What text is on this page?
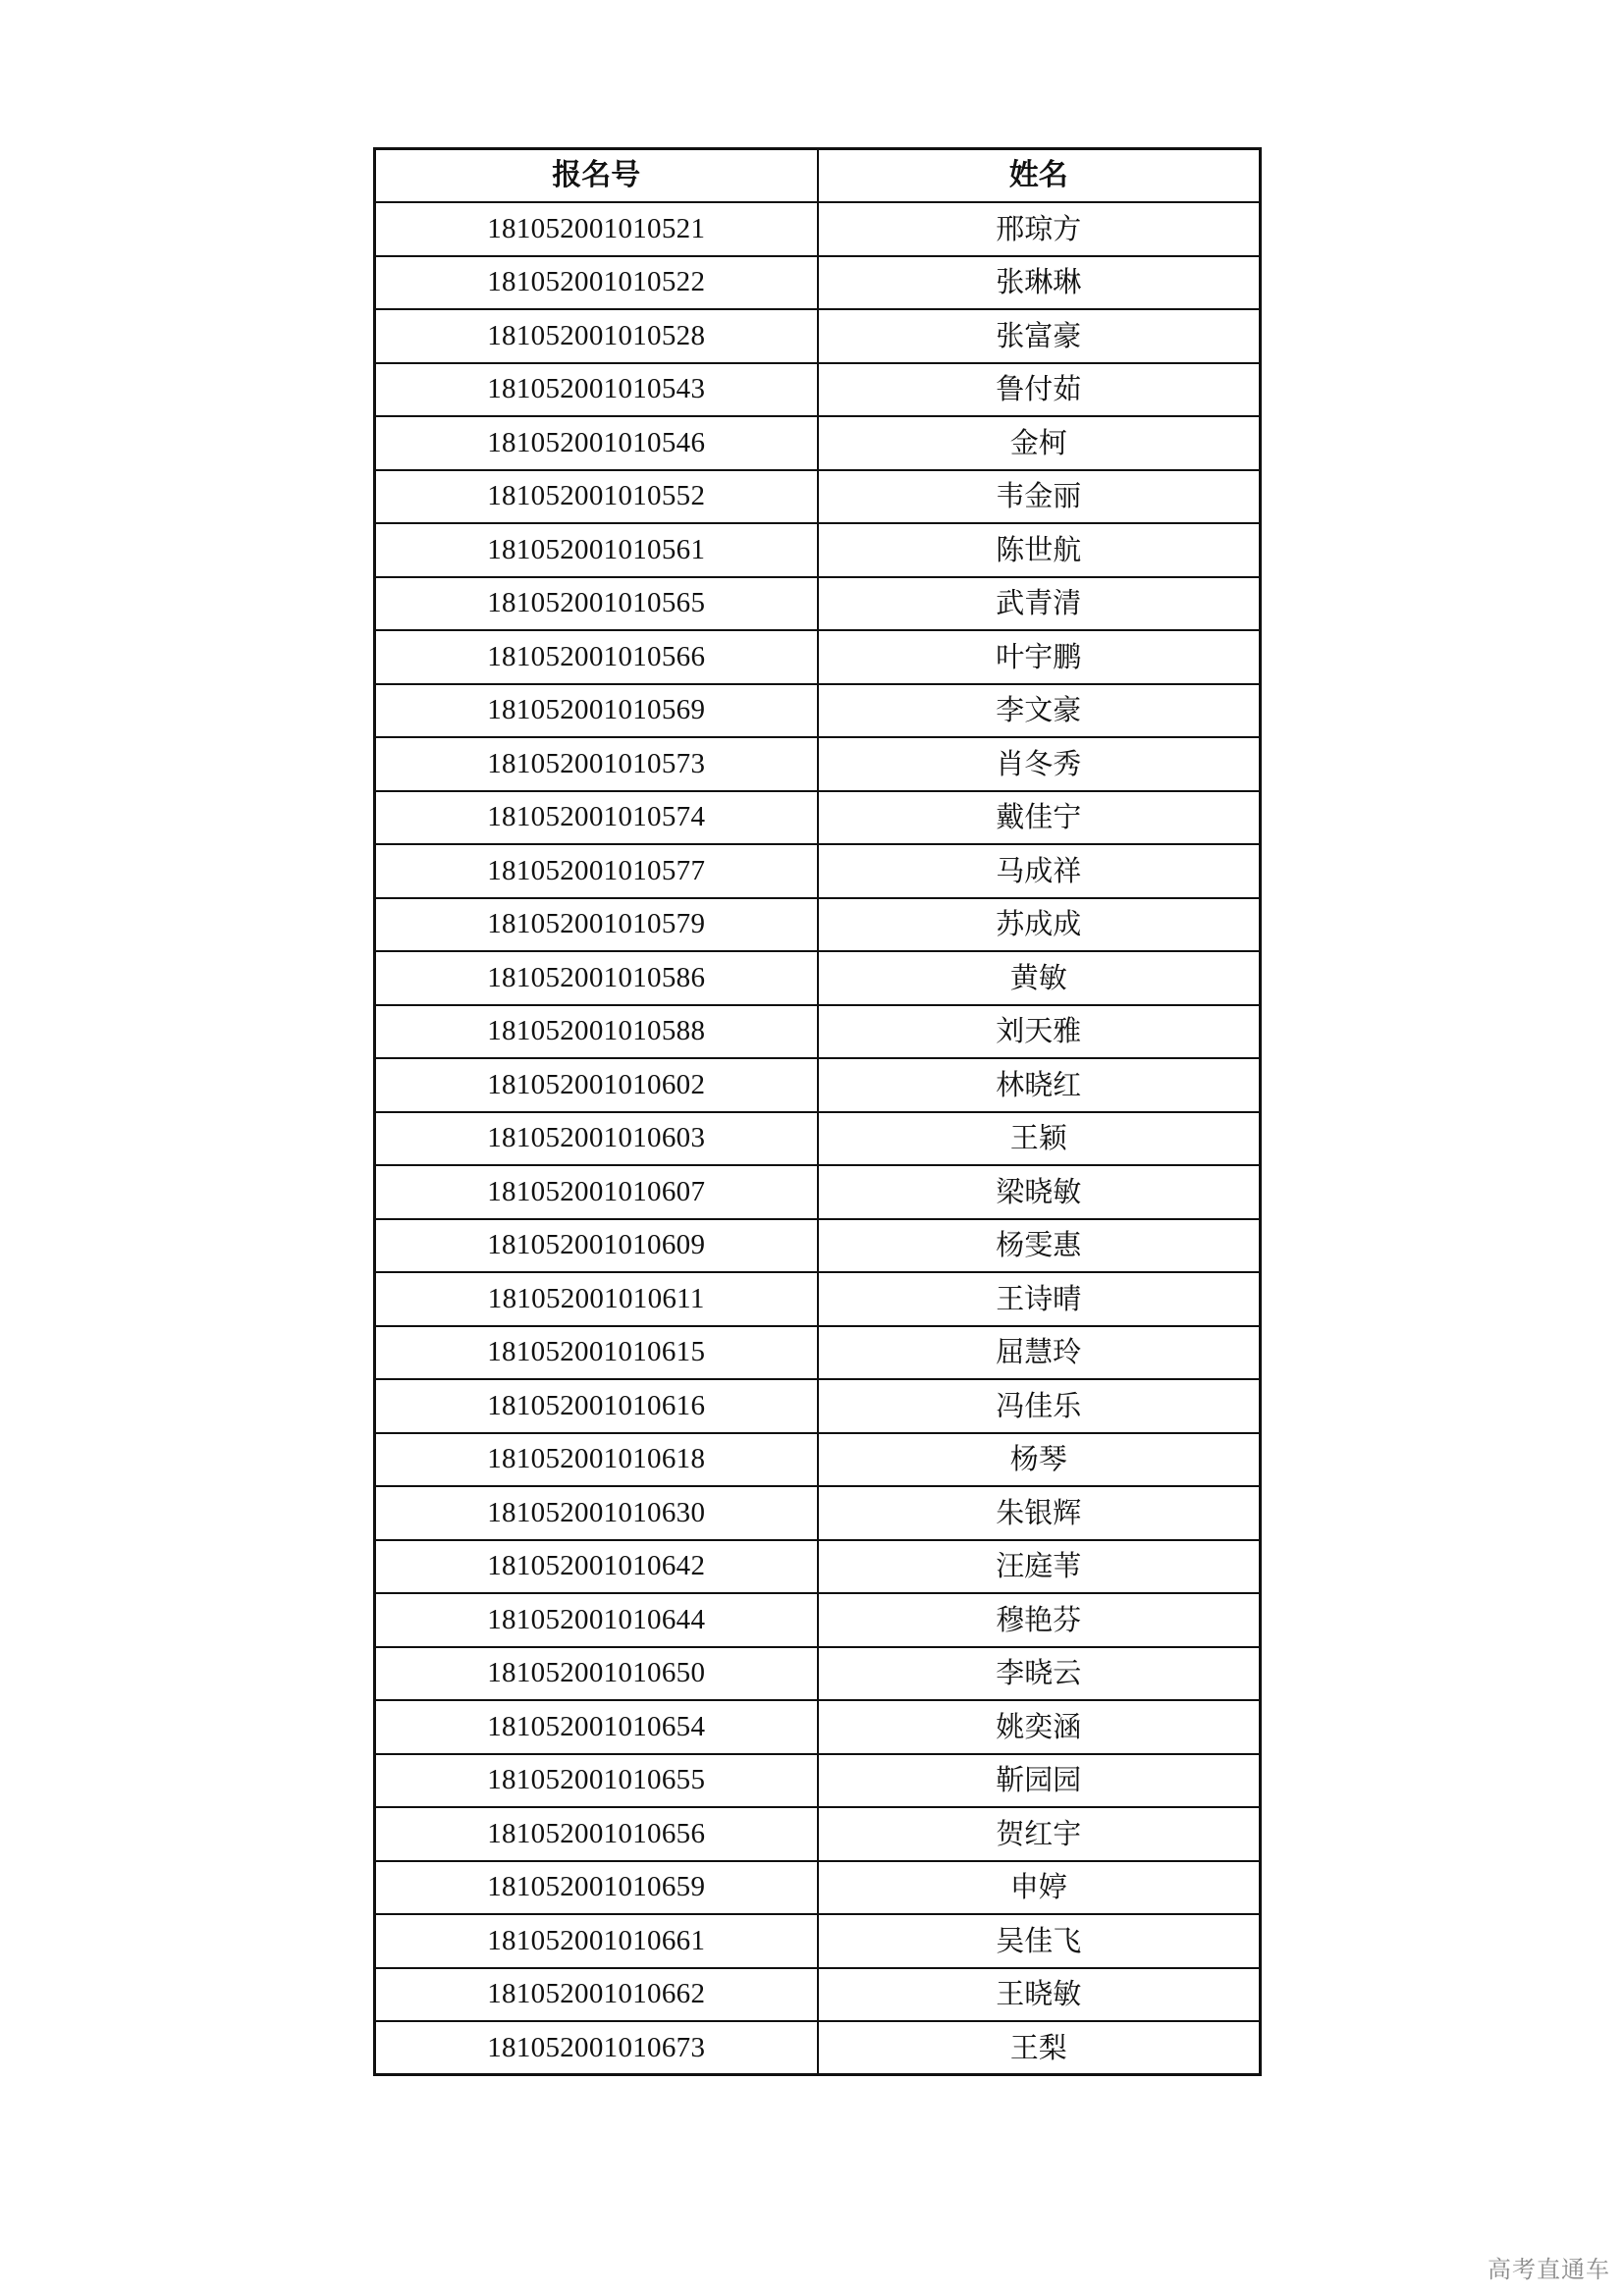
报名号	姓名
181052001010521	邢琼方
181052001010522	张琳琳
181052001010528	张富豪
181052001010543	鲁付茹
181052001010546	金柯
181052001010552	韦金丽
181052001010561	陈世航
181052001010565	武青清
181052001010566	叶宇鹏
181052001010569	李文豪
181052001010573	肖冬秀
181052001010574	戴佳宁
181052001010577	马成祥
181052001010579	苏成成
181052001010586	黄敏
181052001010588	刘天雅
181052001010602	林晓红
181052001010603	王颖
181052001010607	梁晓敏
181052001010609	杨雯惠
181052001010611	王诗晴
181052001010615	屈慧玲
181052001010616	冯佳乐
181052001010618	杨琴
181052001010630	朱银辉
181052001010642	汪庭苇
181052001010644	穆艳芬
181052001010650	李晓云
181052001010654	姚奕涵
181052001010655	靳园园
181052001010656	贺红宇
181052001010659	申婷
181052001010661	吴佳飞
181052001010662	王晓敏
181052001010673	王梨
高考直通车
